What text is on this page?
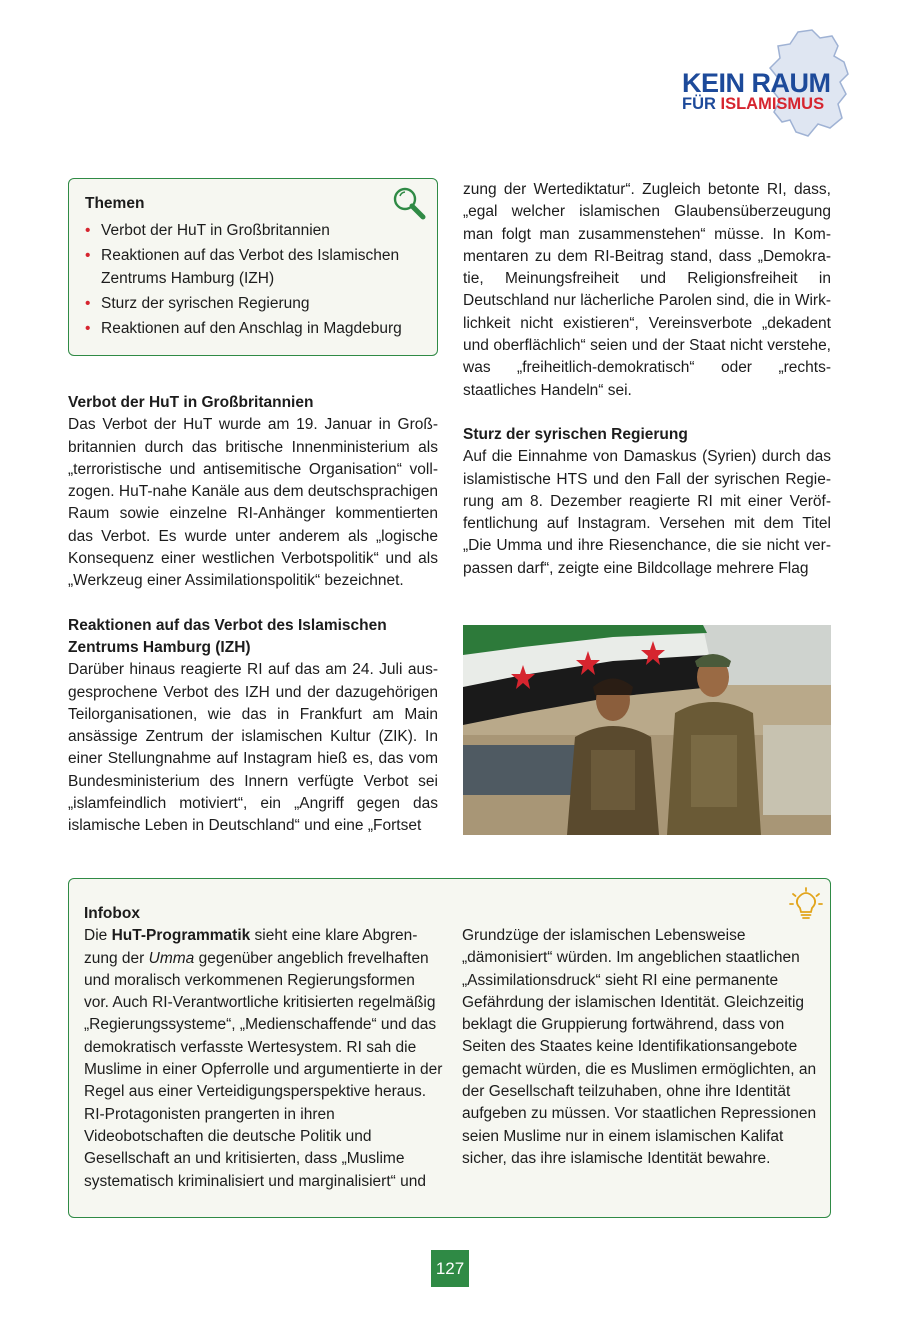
KEIN RAUM
FÜR ISLAMISMUS
Themen
• Verbot der HuT in Großbritannien
• Reaktionen auf das Verbot des Islamischen Zentrums Hamburg (IZH)
• Sturz der syrischen Regierung
• Reaktionen auf den Anschlag in Magdeburg
Verbot der HuT in Großbritannien

Das Verbot der HuT wurde am 19. Januar in Großbritannien durch das britische Innenministerium als „terroristische und antisemitische Organisation“ vollzogen. HuT-nahe Kanäle aus dem deutschsprachigen Raum sowie einzelne RI-Anhänger kommentierten das Verbot. Es wurde unter anderem als „logische Konsequenz einer westlichen Verbotspolitik“ und als „Werkzeug einer Assimilationspolitik“ bezeichnet.

Reaktionen auf das Verbot des Islamischen Zentrums Hamburg (IZH)

Darüber hinaus reagierte RI auf das am 24. Juli ausgesprochene Verbot des IZH und der dazugehörigen Teilorganisationen, wie das in Frankfurt am Main ansässige Zentrum der islamischen Kultur (ZIK). In einer Stellungnahme auf Instagram hieß es, das vom Bundesministerium des Innern verfügte Verbot sei „islamfeindlich motiviert“, ein „Angriff gegen das islamische Leben in Deutschland“ und eine „Fortset

zung der Wertediktatur“. Zugleich betonte RI, dass, „egal welcher islamischen Glaubensüberzeugung man folgt man zusammenstehen“ müsse. In Kommentaren zu dem RI-Beitrag stand, dass „Demokratie, Meinungsfreiheit und Religionsfreiheit in Deutschland nur lächerliche Parolen sind, die in Wirklichkeit nicht existieren“, Vereinsverbote „dekadent und oberflächlich“ seien und der Staat nicht verstehe, was „freiheitlich-demokratisch“ oder „rechtsstaatliches Handeln“ sei.

Sturz der syrischen Regierung

Auf die Einnahme von Damaskus (Syrien) durch das islamistische HTS und den Fall der syrischen Regierung am 8. Dezember reagierte RI mit einer Veröffentlichung auf Instagram. Versehen mit dem Titel „Die Umma und ihre Riesenchance, die sie nicht verpassen darf“, zeigte eine Bildcollage mehrere Flag

Infobox

Die HuT-Programmatik sieht eine klare Abgrenzung der Umma gegenüber angeblich frevelhaften und moralisch verkommenen Regierungsformen vor. Auch RI-Verantwortliche kritisierten regelmäßig „Regierungssysteme“, „Medienschaffende“ und das demokratisch verfasste Wertesystem. RI sah die Muslime in einer Opferrolle und argumentierte in der Regel aus einer Verteidigungsperspektive heraus. RI-Protagonisten prangerten in ihren Videobotschaften die deutsche Politik und Gesellschaft an und kritisierten, dass „Muslime systematisch kriminalisiert und marginalisiert“ und

Grundzüge der islamischen Lebensweise „dämonisiert“ würden. Im angeblichen staatlichen „Assimilationsdruck“ sieht RI eine permanente Gefährdung der islamischen Identität. Gleichzeitig beklagt die Gruppierung fortwährend, dass von Seiten des Staates keine Identifikationsangebote gemacht würden, die es Muslimen ermöglichten, an der Gesellschaft teilzuhaben, ohne ihre Identität aufgeben zu müssen. Vor staatlichen Repressionen seien Muslime nur in einem islamischen Kalifat sicher, das ihre islamische Identität bewahre.

127
